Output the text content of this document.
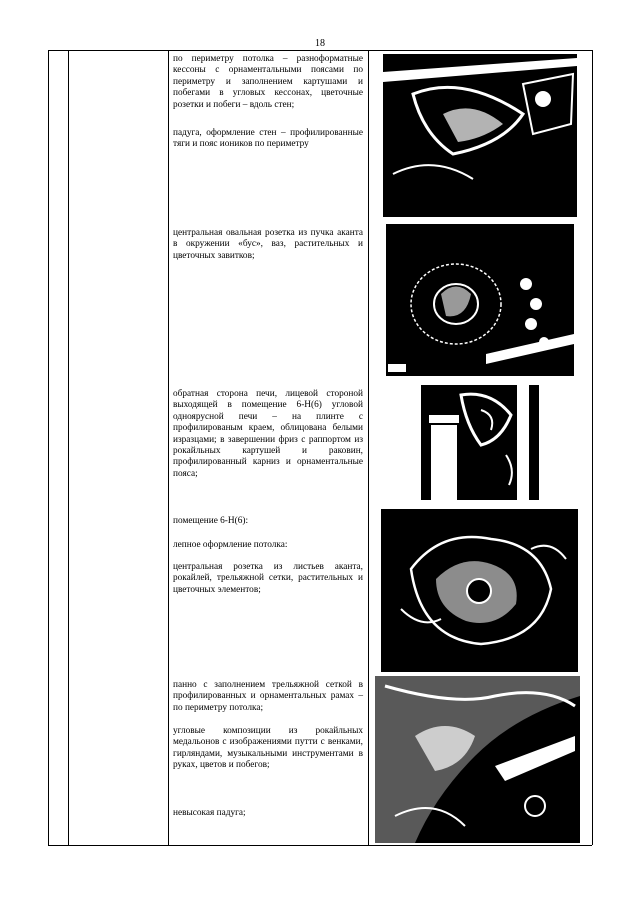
18
по периметру потолка – разноформатные кессоны с орнаментальными поясами по периметру и заполнением картушами и побегами в угловых кессонах, цветочные розетки и побеги – вдоль стен;
падуга, оформление стен – профилированные тяги и пояс иоников по периметру
центральная овальная розетка из пучка аканта в окружении «бус», ваз, растительных и цветочных завитков;
обратная сторона печи, лицевой стороной выходящей в помещение 6-Н(6) угловой одноярусной печи – на плинте с профилированым краем, облицована белыми изразцами; в завершении фриз с раппортом из рокайльных картушей и раковин, профилированный карниз и орнаментальные пояса;
помещение 6-Н(6):
лепное оформление потолка:
центральная розетка из листьев аканта, рокайлей, трельяжной сетки, растительных и цветочных элементов;
панно с заполнением трельяжной сеткой в профилированных и орнаментальных рамах – по периметру потолка;
угловые композиции из рокайльных медальонов с изображениями путти с венками, гирляндами, музыкальными инструментами в руках, цветов и побегов;
невысокая падуга;
